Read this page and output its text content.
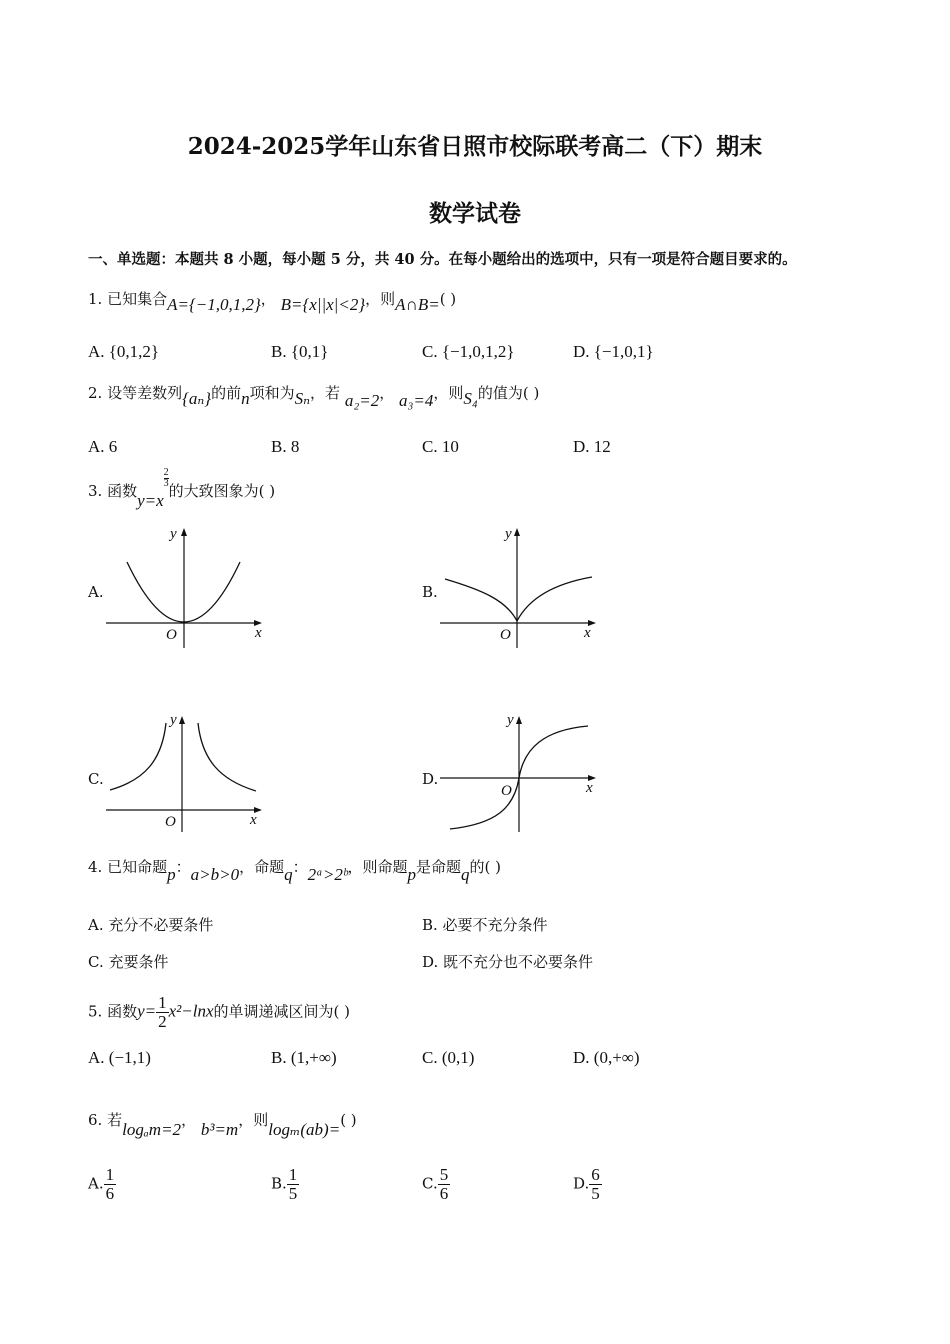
2024-2025学年山东省日照市校际联考高二（下）期末
数学试卷
一、单选题：本题共 8 小题，每小题 5 分，共 40 分。在每小题给出的选项中，只有一项是符合题目要求的。
1. 已知集合A={−1,0,1,2}， B={x||x|<2}，则A∩B=( )
A. {0,1,2}	B. {0,1}	C. {−1,0,1,2}	D. {−1,0,1}
2. 设等差数列{aₙ}的前n项和为Sₙ，若 a₂=2， a₃=4，则S₄的值为( )
A. 6	B. 8	C. 10	D. 12
3. 函数y=x
$\frac{2}{3}$
的大致图象为( )
A.
x
y
O
B.
x
y
O
C.
x
y
O
D.	x
y
O
4. 已知命题p：a>b>0，命题q：2ᵃ>2ᵇ，则命题p是命题q的( )
A. 充分不必要条件	B. 必要不充分条件
C. 充要条件	D. 既不充分也不必要条件
5. 函数$y= \frac{1}{2} x^2-\ln x$的单调递减区间为( )
A. (−1,1)	B. (1,+∞)	C. (0,1)	D. (0,+∞)
6. 若logₐm=2， b³=m，则logₘ(ab)=( )
A. $\frac{1}{6}$	B. $\frac{1}{5}$	C. $\frac{5}{6}$	D. $\frac{6}{5}$
